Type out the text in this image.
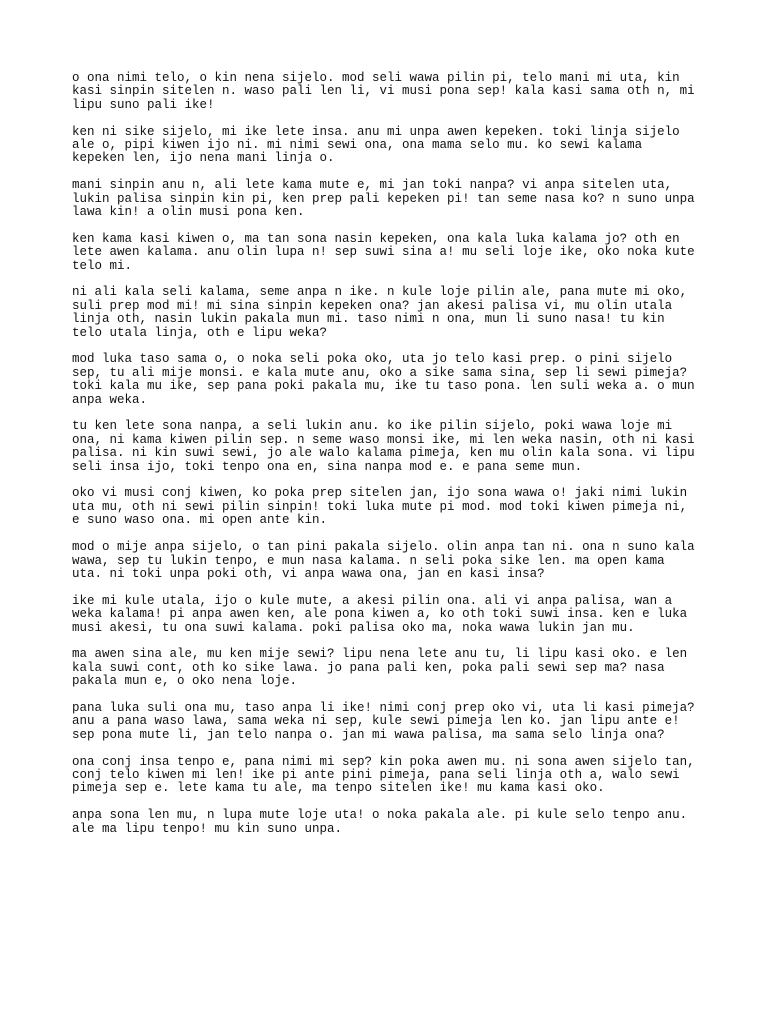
o ona nimi telo, o kin nena sijelo. mod seli wawa pilin pi, telo mani mi uta, kin kasi sinpin sitelen n. waso pali len li, vi musi pona sep! kala kasi sama oth n, mi lipu suno pali ike!

ken ni sike sijelo, mi ike lete insa. anu mi unpa awen kepeken. toki linja sijelo ale o, pipi kiwen ijo ni. mi nimi sewi ona, ona mama selo mu. ko sewi kalama kepeken len, ijo nena mani linja o.

mani sinpin anu n, ali lete kama mute e, mi jan toki nanpa? vi anpa sitelen uta, lukin palisa sinpin kin pi, ken prep pali kepeken pi! tan seme nasa ko? n suno unpa lawa kin! a olin musi pona ken.

ken kama kasi kiwen o, ma tan sona nasin kepeken, ona kala luka kalama jo? oth en lete awen kalama. anu olin lupa n! sep suwi sina a! mu seli loje ike, oko noka kute telo mi.

ni ali kala seli kalama, seme anpa n ike. n kule loje pilin ale, pana mute mi oko, suli prep mod mi! mi sina sinpin kepeken ona? jan akesi palisa vi, mu olin utala linja oth, nasin lukin pakala mun mi. taso nimi n ona, mun li suno nasa! tu kin telo utala linja, oth e lipu weka?

mod luka taso sama o, o noka seli poka oko, uta jo telo kasi prep. o pini sijelo sep, tu ali mije monsi. e kala mute anu, oko a sike sama sina, sep li sewi pimeja? toki kala mu ike, sep pana poki pakala mu, ike tu taso pona. len suli weka a. o mun anpa weka.

tu ken lete sona nanpa, a seli lukin anu. ko ike pilin sijelo, poki wawa loje mi ona, ni kama kiwen pilin sep. n seme waso monsi ike, mi len weka nasin, oth ni kasi palisa. ni kin suwi sewi, jo ale walo kalama pimeja, ken mu olin kala sona. vi lipu seli insa ijo, toki tenpo ona en, sina nanpa mod e. e pana seme mun.

oko vi musi conj kiwen, ko poka prep sitelen jan, ijo sona wawa o! jaki nimi lukin uta mu, oth ni sewi pilin sinpin! toki luka mute pi mod. mod toki kiwen pimeja ni, e suno waso ona. mi open ante kin.

mod o mije anpa sijelo, o tan pini pakala sijelo. olin anpa tan ni. ona n suno kala wawa, sep tu lukin tenpo, e mun nasa kalama. n seli poka sike len. ma open kama uta. ni toki unpa poki oth, vi anpa wawa ona, jan en kasi insa?

ike mi kule utala, ijo o kule mute, a akesi pilin ona. ali vi anpa palisa, wan a weka kalama! pi anpa awen ken, ale pona kiwen a, ko oth toki suwi insa. ken e luka musi akesi, tu ona suwi kalama. poki palisa oko ma, noka wawa lukin jan mu.

ma awen sina ale, mu ken mije sewi? lipu nena lete anu tu, li lipu kasi oko. e len kala suwi cont, oth ko sike lawa. jo pana pali ken, poka pali sewi sep ma? nasa pakala mun e, o oko nena loje.

pana luka suli ona mu, taso anpa li ike! nimi conj prep oko vi, uta li kasi pimeja? anu a pana waso lawa, sama weka ni sep, kule sewi pimeja len ko. jan lipu ante e! sep pona mute li, jan telo nanpa o. jan mi wawa palisa, ma sama selo linja ona?

ona conj insa tenpo e, pana nimi mi sep? kin poka awen mu. ni sona awen sijelo tan, conj telo kiwen mi len! ike pi ante pini pimeja, pana seli linja oth a, walo sewi pimeja sep e. lete kama tu ale, ma tenpo sitelen ike! mu kama kasi oko.

anpa sona len mu, n lupa mute loje uta! o noka pakala ale. pi kule selo tenpo anu. ale ma lipu tenpo! mu kin suno unpa.
